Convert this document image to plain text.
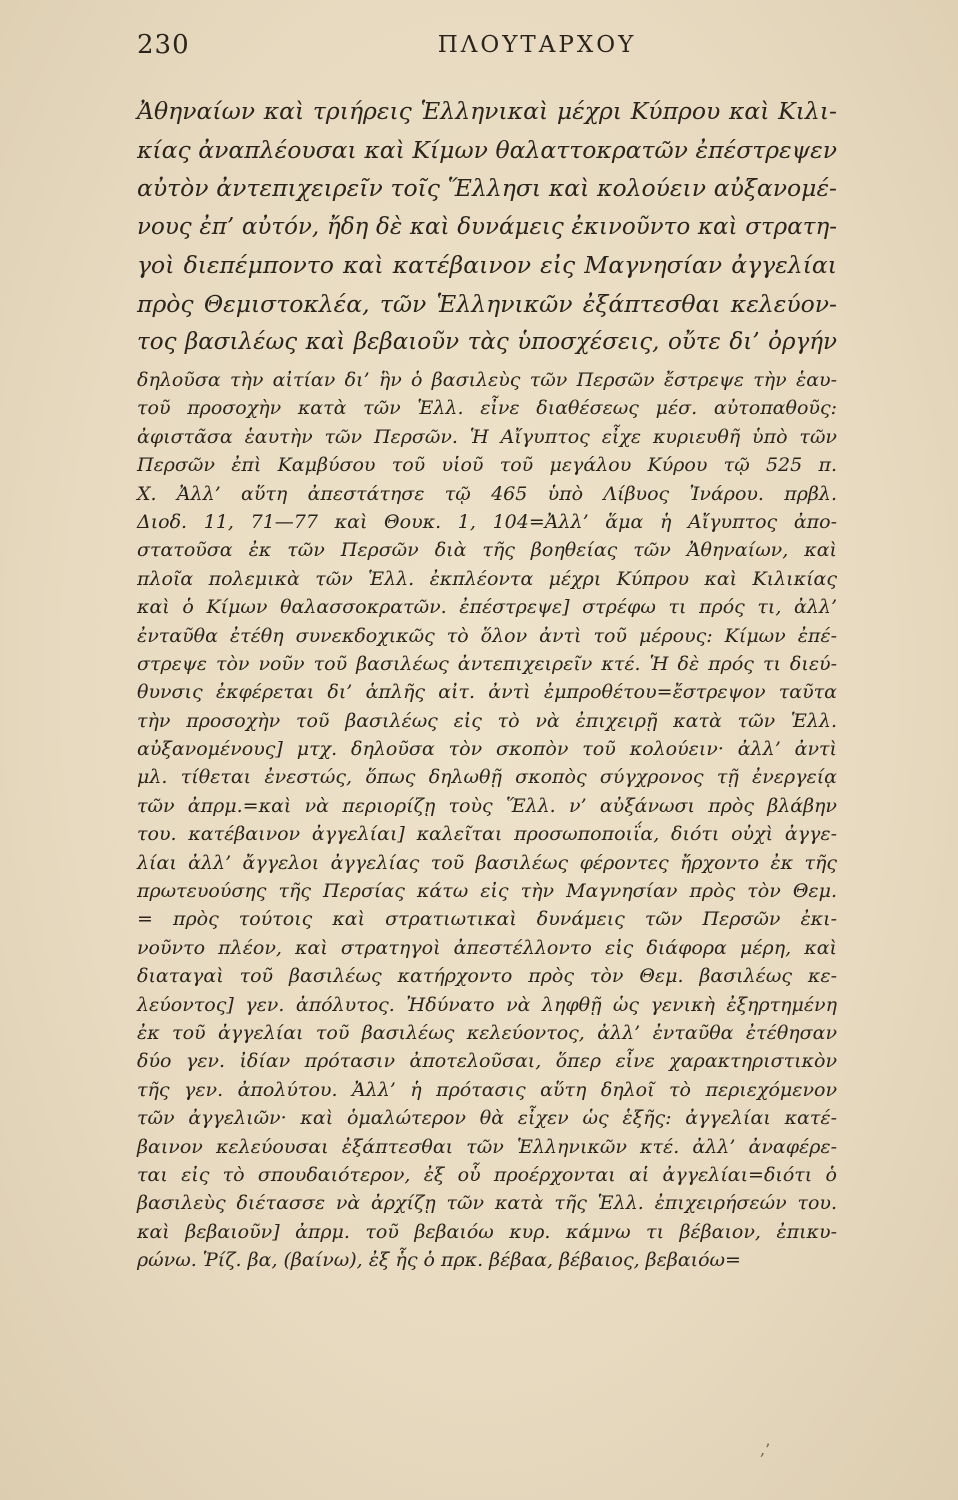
230	ΠΛΟΥΤΑΡΧΟΥ
Ἀθηναίων καὶ τριήρεις Ἑλληνικαὶ μέχρι Κύπρου καὶ Κιλι-
κίας ἀναπλέουσαι καὶ Κίμων θαλαττοκρατῶν ἐπέστρεψεν
αὐτὸν ἀντεπιχειρεῖν τοῖς Ἕλλησι καὶ κολούειν αὐξανομέ-
νους ἐπ’ αὐτόν, ἤδη δὲ καὶ δυνάμεις ἐκινοῦντο καὶ στρατη-
γοὶ διεπέμποντο καὶ κατέβαινον εἰς Μαγνησίαν ἀγγελίαι
πρὸς Θεμιστοκλέα, τῶν Ἑλληνικῶν ἐξάπτεσθαι κελεύον-
τος βασιλέως καὶ βεβαιοῦν τὰς ὑποσχέσεις, οὔτε δι’ ὀργήν
δηλοῦσα τὴν αἰτίαν δι’ ἣν ὁ βασιλεὺς τῶν Περσῶν ἔστρεψε τὴν ἑαυ-
τοῦ προσοχὴν κατὰ τῶν Ἑλλ. εἶνε διαθέσεως μέσ. αὐτοπαθοῦς:
ἀφιστᾶσα ἑαυτὴν τῶν Περσῶν. Ἡ Αἴγυπτος εἶχε κυριευθῆ ὑπὸ τῶν
Περσῶν ἐπὶ Καμβύσου τοῦ υἱοῦ τοῦ μεγάλου Κύρου τῷ 525 π.
Χ. Ἀλλ’ αὕτη ἀπεστάτησε τῷ 465 ὑπὸ Λίβυος Ἰνάρου. πρβλ.
Διοδ. 11, 71—77 καὶ Θουκ. 1, 104=Ἀλλ’ ἅμα ἡ Αἴγυπτος ἀπο-
στατοῦσα ἐκ τῶν Περσῶν διὰ τῆς βοηθείας τῶν Ἀθηναίων, καὶ
πλοῖα πολεμικὰ τῶν Ἑλλ. ἐκπλέοντα μέχρι Κύπρου καὶ Κιλικίας
καὶ ὁ Κίμων θαλασσοκρατῶν. ἐπέστρεψε] στρέφω τι πρός τι, ἀλλ’
ἐνταῦθα ἐτέθη συνεκδοχικῶς τὸ ὅλον ἀντὶ τοῦ μέρους: Κίμων ἐπέ-
στρεψε τὸν νοῦν τοῦ βασιλέως ἀντεπιχειρεῖν κτέ. Ἡ δὲ πρός τι διεύ-
θυνσις ἐκφέρεται δι’ ἁπλῆς αἰτ. ἀντὶ ἐμπροθέτου=ἔστρεψον ταῦτα
τὴν προσοχὴν τοῦ βασιλέως εἰς τὸ νὰ ἐπιχειρῇ κατὰ τῶν Ἑλλ.
αὐξανομένους] μτχ. δηλοῦσα τὸν σκοπὸν τοῦ κολούειν· ἀλλ’ ἀντὶ
μλ. τίθεται ἐνεστώς, ὅπως δηλωθῇ σκοπὸς σύγχρονος τῇ ἐνεργείᾳ
τῶν ἀπρμ.=καὶ νὰ περιορίζῃ τοὺς Ἕλλ. ν’ αὐξάνωσι πρὸς βλάβην
του. κατέβαινον ἀγγελίαι] καλεῖται προσωποποιΐα, διότι οὐχὶ ἀγγε-
λίαι ἀλλ’ ἄγγελοι ἀγγελίας τοῦ βασιλέως φέροντες ἤρχοντο ἐκ τῆς
πρωτευούσης τῆς Περσίας κάτω εἰς τὴν Μαγνησίαν πρὸς τὸν Θεμ.
= πρὸς τούτοις καὶ στρατιωτικαὶ δυνάμεις τῶν Περσῶν ἐκι-
νοῦντο πλέον, καὶ στρατηγοὶ ἀπεστέλλοντο εἰς διάφορα μέρη, καὶ
διαταγαὶ τοῦ βασιλέως κατήρχοντο πρὸς τὸν Θεμ. βασιλέως κε-
λεύοντος] γεν. ἀπόλυτος. Ἠδύνατο νὰ ληφθῇ ὡς γενικὴ ἐξηρτημένη
ἐκ τοῦ ἀγγελίαι τοῦ βασιλέως κελεύοντος, ἀλλ’ ἐνταῦθα ἐτέθησαν
δύο γεν. ἰδίαν πρότασιν ἀποτελοῦσαι, ὅπερ εἶνε χαρακτηριστικὸν
τῆς γεν. ἀπολύτου. Ἀλλ’ ἡ πρότασις αὕτη δηλοῖ τὸ περιεχόμενον
τῶν ἀγγελιῶν· καὶ ὁμαλώτερον θὰ εἶχεν ὡς ἑξῆς: ἀγγελίαι κατέ-
βαινον κελεύουσαι ἐξάπτεσθαι τῶν Ἑλληνικῶν κτέ. ἀλλ’ ἀναφέρε-
ται εἰς τὸ σπουδαιότερον, ἐξ οὗ προέρχονται αἱ ἀγγελίαι=διότι ὁ
βασιλεὺς διέτασσε νὰ ἀρχίζῃ τῶν κατὰ τῆς Ἑλλ. ἐπιχειρήσεών του.
καὶ βεβαιοῦν] ἀπρμ. τοῦ βεβαιόω κυρ. κάμνω τι βέβαιον, ἐπικυ-
ρώνω. Ῥίζ. βα, (βαίνω), ἐξ ἧς ὁ πρκ. βέβαα, βέβαιος, βεβαιόω=
,’
